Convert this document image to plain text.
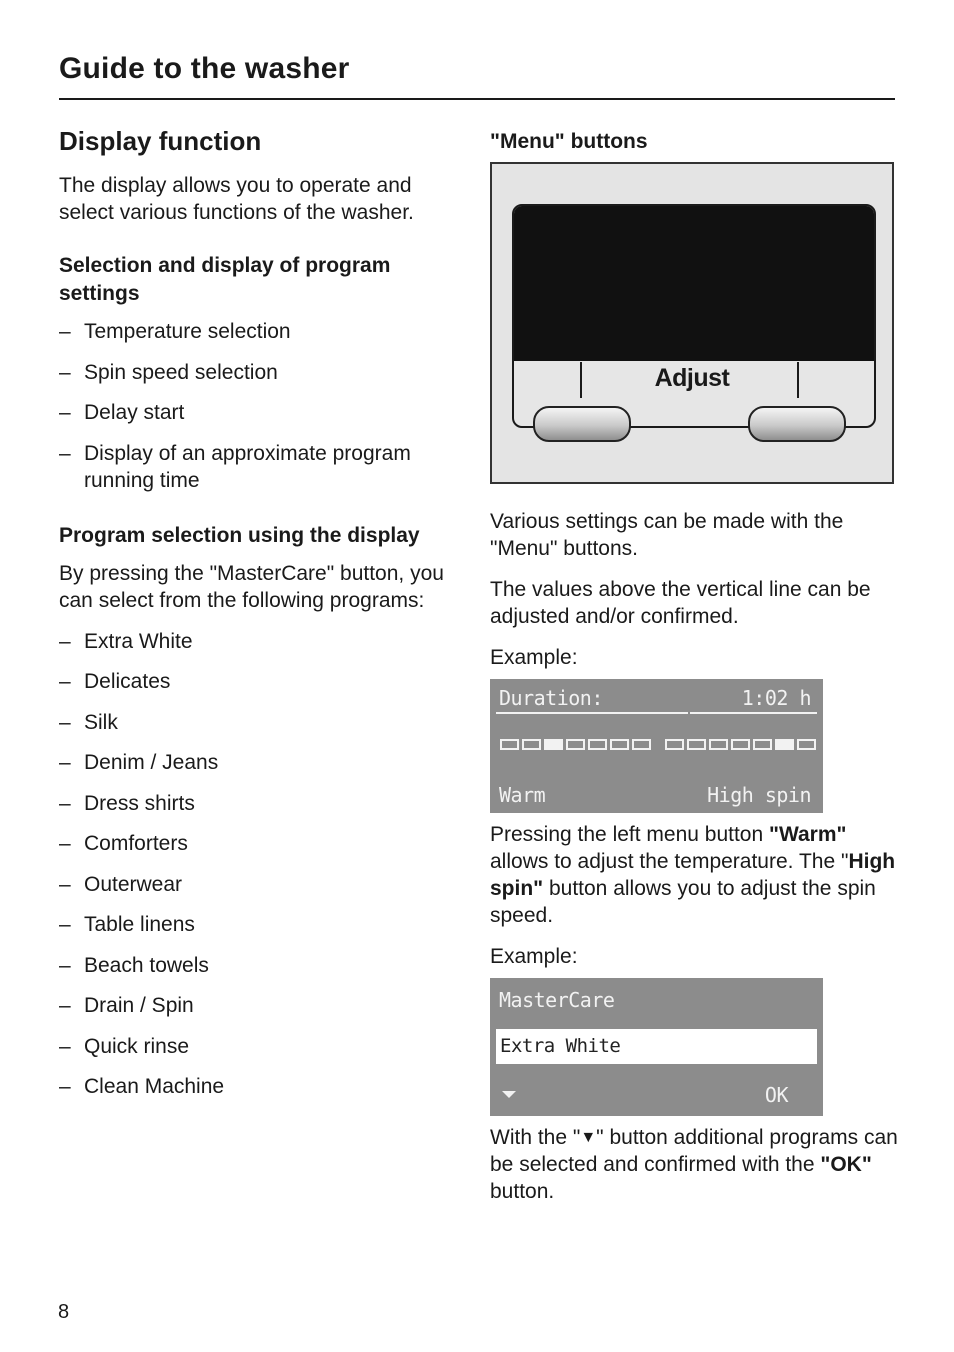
Guide to the washer
Display function

The display allows you to operate and select various functions of the washer.

Selection and display of program settings
– Temperature selection
– Spin speed selection
– Delay start
– Display of an approximate program running time
Program selection using the display

By pressing the "MasterCare" button, you can select from the following programs:

– Extra White
– Delicates
– Silk
– Denim / Jeans
– Dress shirts
– Comforters
– Outerwear
– Table linens
– Beach towels
– Drain / Spin
– Quick rinse
– Clean Machine
"Menu" buttons
Adjust

Various settings can be made with the "Menu" buttons.

The values above the vertical line can be adjusted and/or confirmed.

Example:

Duration:	1:02 h
Warm	High spin

Pressing the left menu button "Warm" allows to adjust the temperature. The "High spin" button allows you to adjust the spin speed.

Example:

MasterCare
Extra White
OK

With the "▼" button additional programs can be selected and confirmed with the "OK" button.

8
